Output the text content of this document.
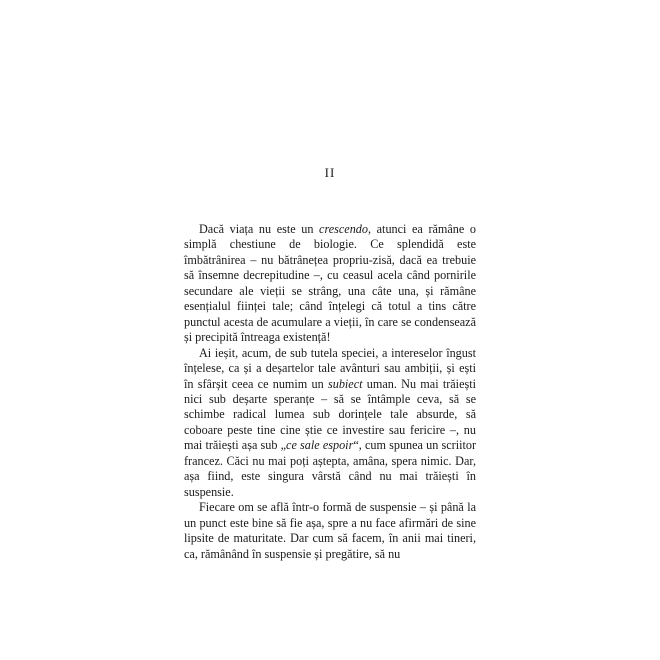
II

Dacă viața nu este un crescendo, atunci ea rămâne o simplă chestiune de biologie. Ce splendidă este îmbătrânirea – nu bătrânețea propriu-zisă, dacă ea trebuie să însemne decrepitudine –, cu ceasul acela când pornirile secundare ale vieții se strâng, una câte una, și rămâne esențialul ființei tale; când înțelegi că totul a tins către punctul acesta de acumulare a vieții, în care se condensează și precipită întreaga existență!

Ai ieșit, acum, de sub tutela speciei, a intereselor îngust înțelese, ca și a deșartelor tale avânturi sau ambiții, și ești în sfârșit ceea ce numim un subiect uman. Nu mai trăiești nici sub deșarte speranțe – să se întâmple ceva, să se schimbe radical lumea sub dorințele tale absurde, să coboare peste tine cine știe ce investire sau fericire –, nu mai trăiești așa sub „ce sale espoir“, cum spunea un scriitor francez. Căci nu mai poți aștepta, amâna, spera nimic. Dar, așa fiind, este singura vârstă când nu mai trăiești în suspensie.

Fiecare om se află într-o formă de suspensie – și până la un punct este bine să fie așa, spre a nu face afirmări de sine lipsite de maturitate. Dar cum să facem, în anii mai tineri, ca, rămânând în suspensie și pregătire, să nu
